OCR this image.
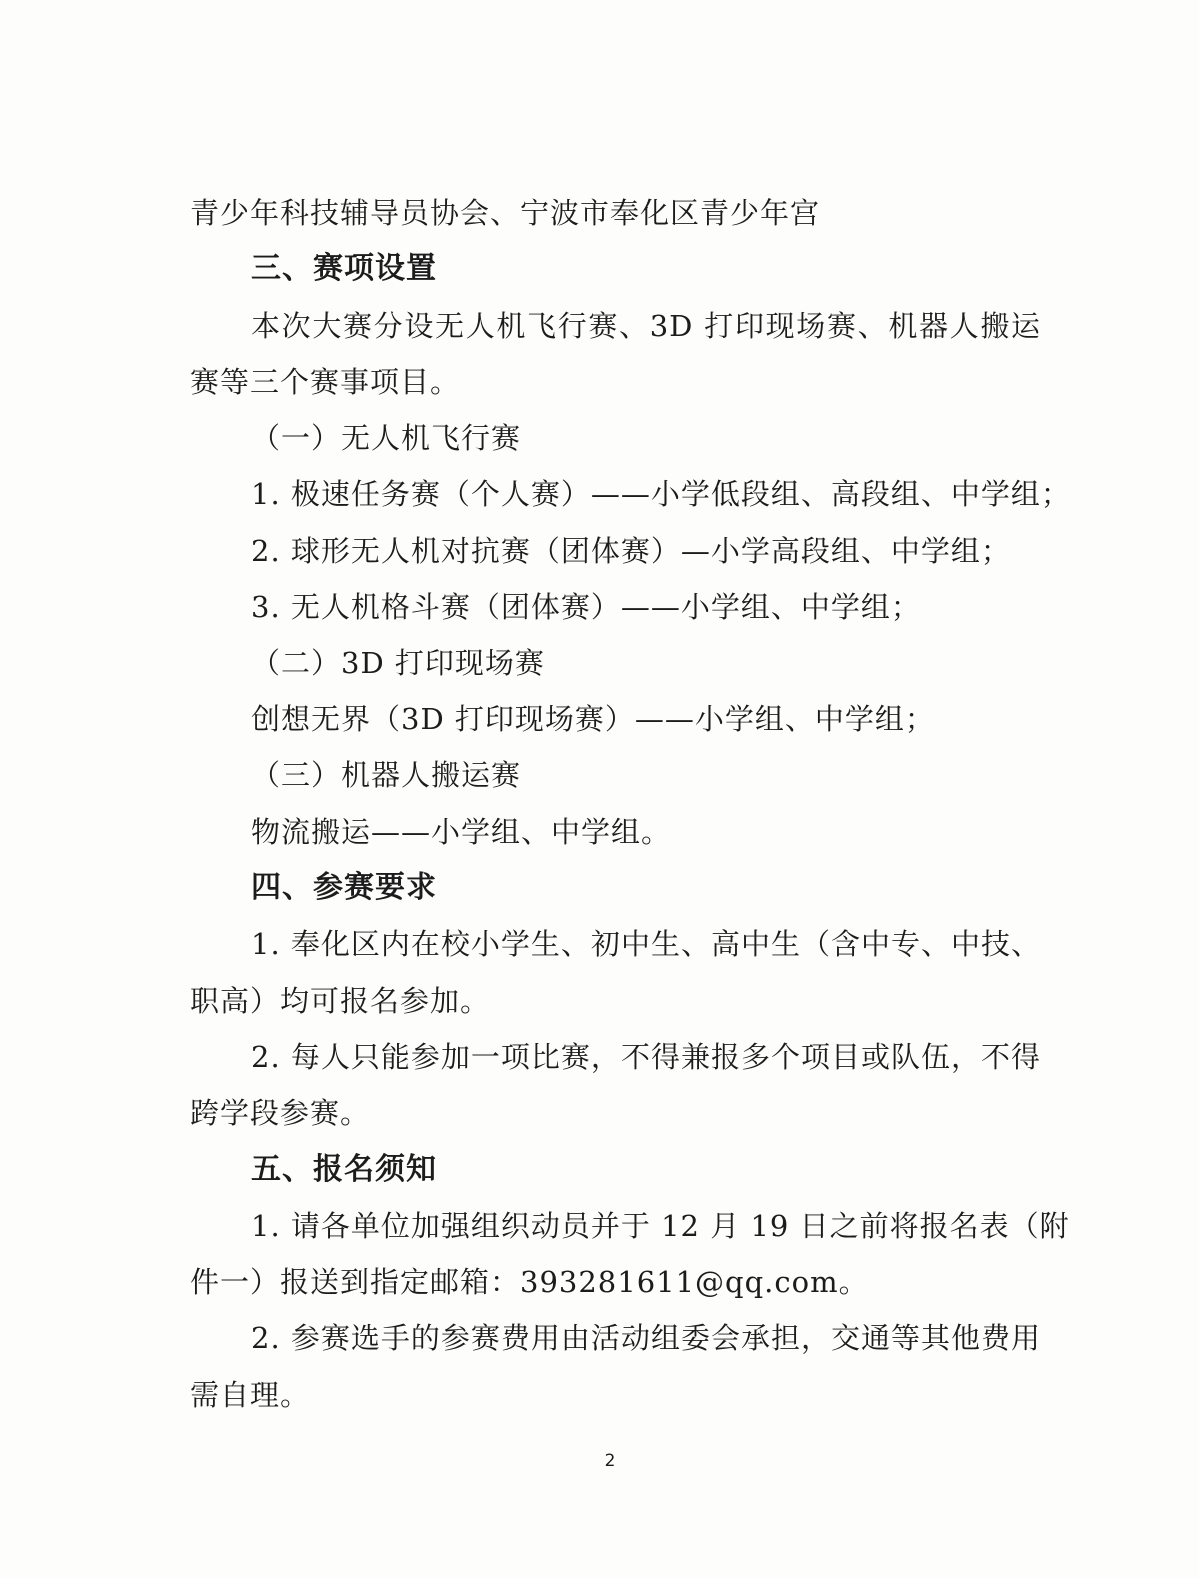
青少年科技辅导员协会、宁波市奉化区青少年宫
三、赛项设置
本次大赛分设无人机飞行赛、3D 打印现场赛、机器人搬运
赛等三个赛事项目。
（一）无人机飞行赛
1. 极速任务赛（个人赛）——小学低段组、高段组、中学组；
2. 球形无人机对抗赛（团体赛）—小学高段组、中学组；
3. 无人机格斗赛（团体赛）——小学组、中学组；
（二）3D 打印现场赛
创想无界（3D 打印现场赛）——小学组、中学组；
（三）机器人搬运赛
物流搬运——小学组、中学组。
四、参赛要求
1. 奉化区内在校小学生、初中生、高中生（含中专、中技、
职高）均可报名参加。
2. 每人只能参加一项比赛，不得兼报多个项目或队伍，不得
跨学段参赛。
五、报名须知
1. 请各单位加强组织动员并于 12 月 19 日之前将报名表（附
件一）报送到指定邮箱：393281611@qq.com。
2. 参赛选手的参赛费用由活动组委会承担，交通等其他费用
需自理。
2
